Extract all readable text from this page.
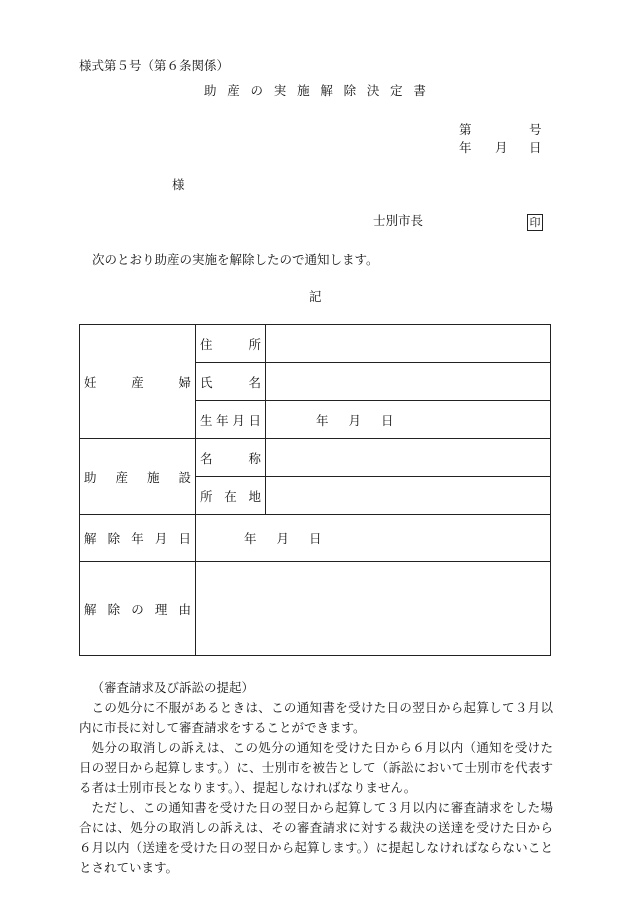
様式第５号（第６条関係）
助 産 の 実 施 解 除 決 定 書
第	号
年 月 日
様
士別市長	印
次のとおり助産の実施を解除したので通知します。
記
妊 産 婦	住 所	

	氏 名	

	生 年 月 日	年 月 日

助 産 施 設	名 称	

	所 在 地	

解 除 年 月 日	年 月 日	

解 除 の 理 由		

（審査請求及び訴訟の提起）

この処分に不服があるときは、この通知書を受けた日の翌日から起算して３月以内に市長に対して審査請求をすることができます。

処分の取消しの訴えは、この処分の通知を受けた日から６月以内（通知を受けた日の翌日から起算します。）に、士別市を被告として（訴訟において士別市を代表する者は士別市長となります。）、提起しなければなりません。

ただし、この通知書を受けた日の翌日から起算して３月以内に審査請求をした場合には、処分の取消しの訴えは、その審査請求に対する裁決の送達を受けた日から６月以内（送達を受けた日の翌日から起算します。）に提起しなければならないこととされています。
